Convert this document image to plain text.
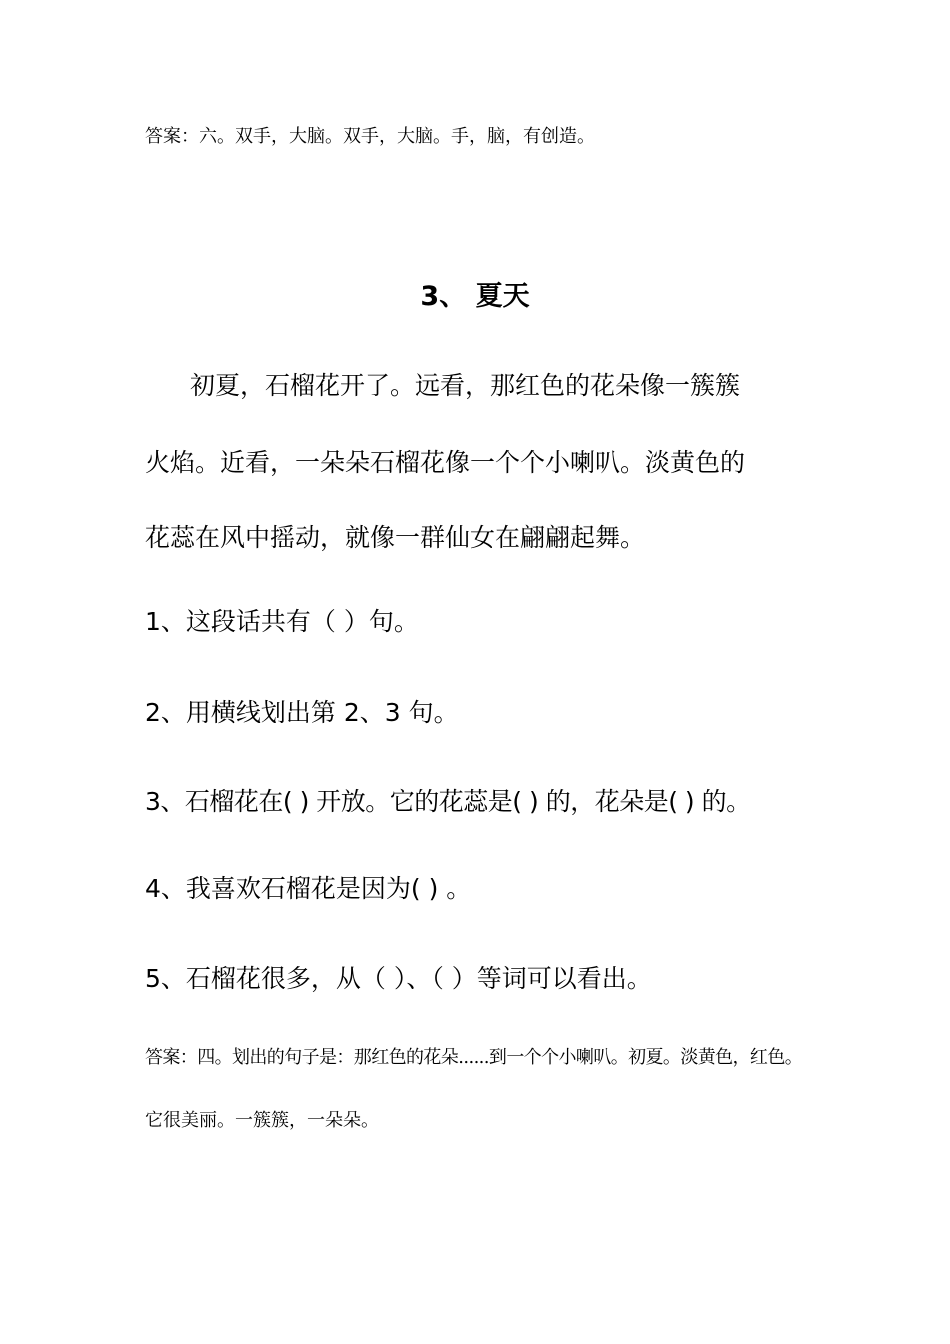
答案：六。双手，大脑。双手，大脑。手，脑，有创造。

3、 夏天

初夏，石榴花开了。远看，那红色的花朵像一簇簇

火焰。近看，一朵朵石榴花像一个个小喇叭。淡黄色的

花蕊在风中摇动，就像一群仙女在翩翩起舞。

1、这段话共有（ ）句。

2、用横线划出第 2、3 句。

3、石榴花在( ) 开放。它的花蕊是( ) 的，花朵是( ) 的。

4、我喜欢石榴花是因为( ) 。

5、石榴花很多，从（ ）、（ ）等词可以看出。

答案：四。划出的句子是：那红色的花朵......到一个个小喇叭。初夏。淡黄色，红色。

它很美丽。一簇簇，一朵朵。
